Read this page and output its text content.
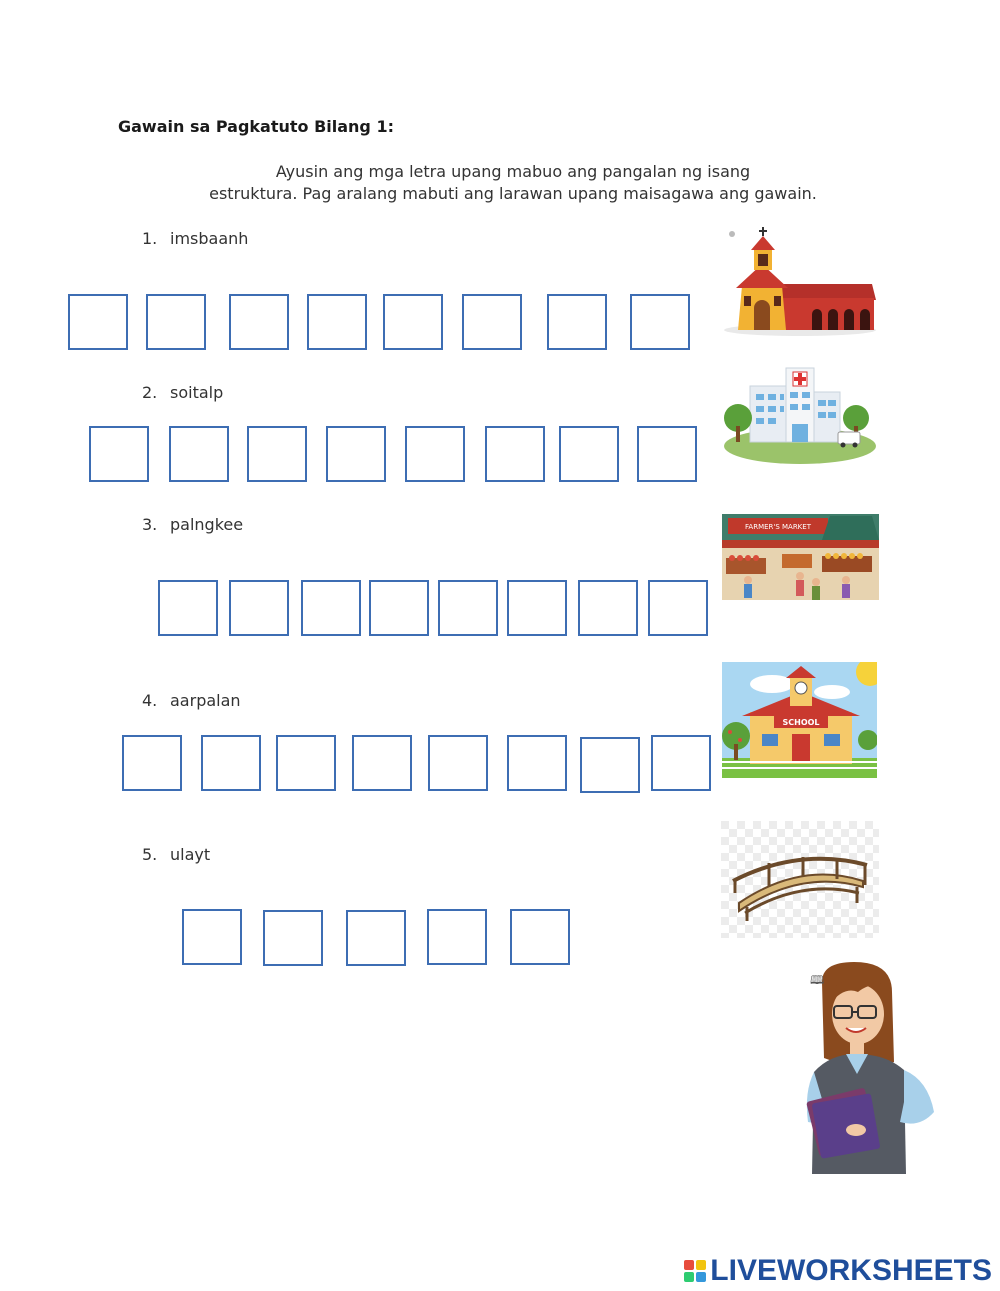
Gawain sa Pagkatuto Bilang 1:
Ayusin ang mga letra upang mabuo ang pangalan ng isang
estruktura. Pag aralang mabuti ang larawan upang maisagawa ang gawain.
1. imsbaanh
2. soitalp
3. palngkee
4. aarpalan
5. ulayt
FARMER'S MARKET
SCHOOL
🕮
LIVEWORKSHEETS
